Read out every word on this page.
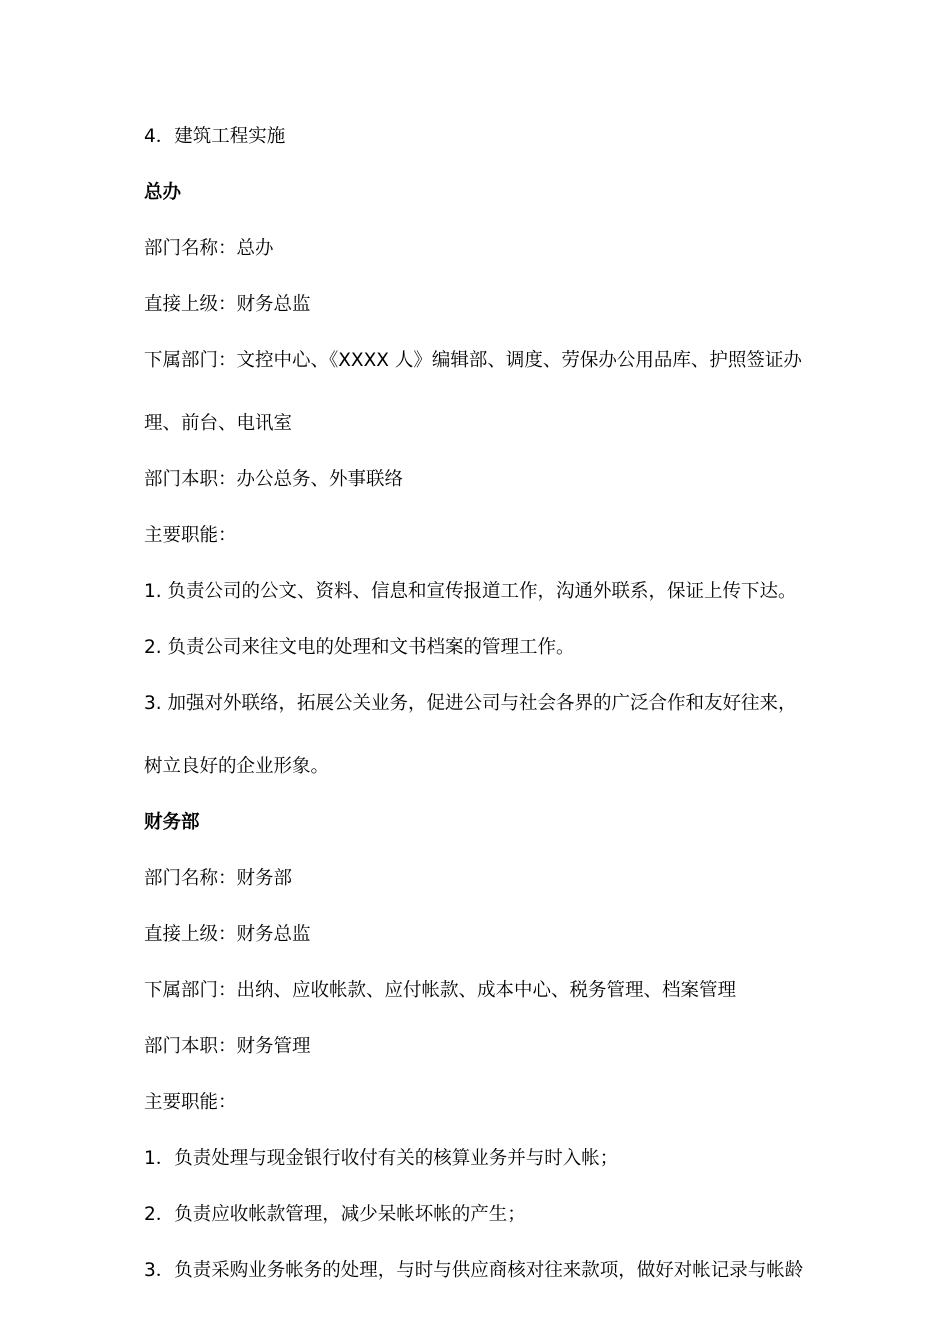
4．建筑工程实施

总办

部门名称：总办

直接上级：财务总监

下属部门：文控中心、《XXXX 人》编辑部、调度、劳保办公用品库、护照签证办

理、前台、电讯室

部门本职：办公总务、外事联络

主要职能：

1. 负责公司的公文、资料、信息和宣传报道工作，沟通外联系，保证上传下达。

2. 负责公司来往文电的处理和文书档案的管理工作。

3. 加强对外联络，拓展公关业务，促进公司与社会各界的广泛合作和友好往来，

树立良好的企业形象。

财务部

部门名称：财务部

直接上级：财务总监

下属部门：出纳、应收帐款、应付帐款、成本中心、税务管理、档案管理

部门本职：财务管理

主要职能：

1．负责处理与现金银行收付有关的核算业务并与时入帐；

2．负责应收帐款管理，减少呆帐坏帐的产生；

3．负责采购业务帐务的处理，与时与供应商核对往来款项，做好对帐记录与帐龄
